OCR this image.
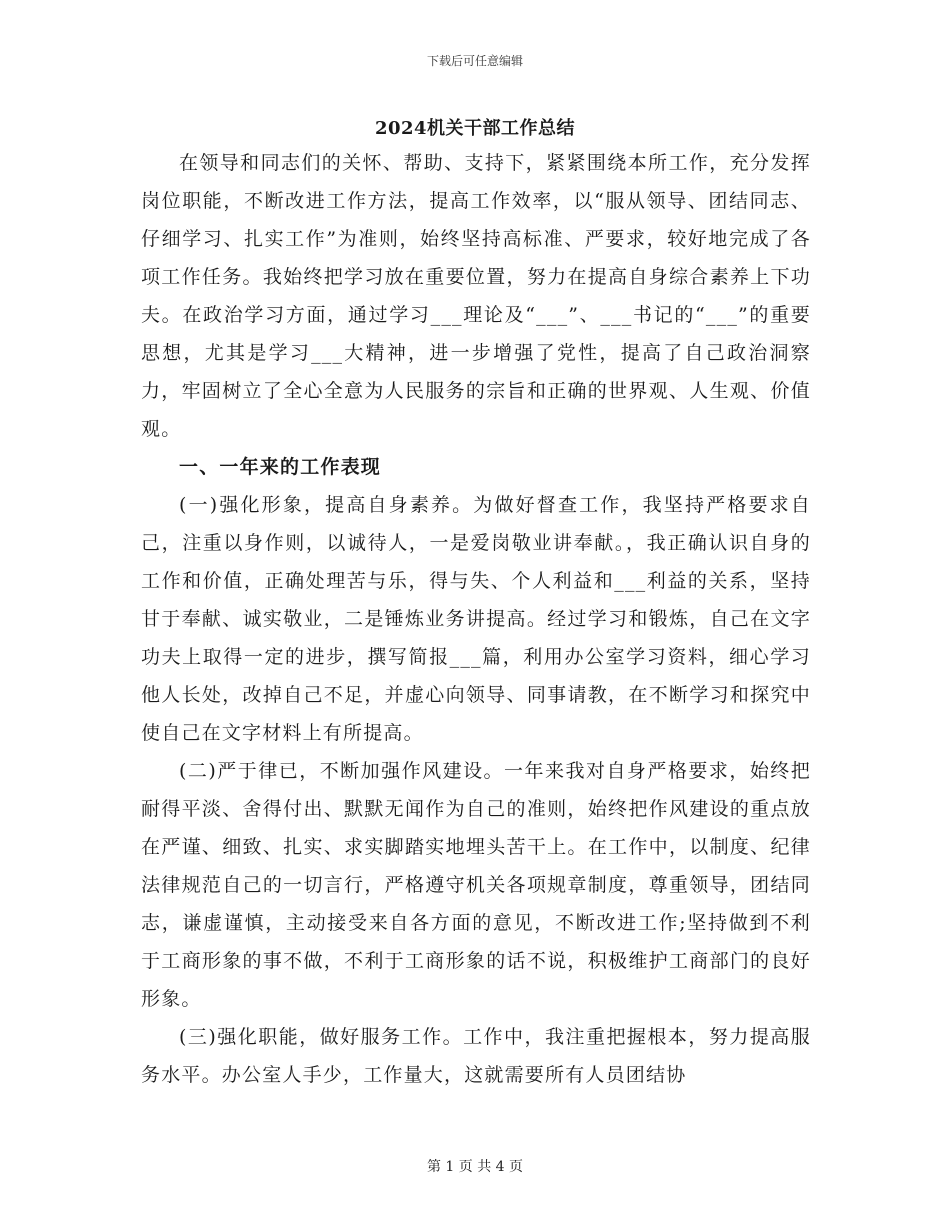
下载后可任意编辑
2024机关干部工作总结

在领导和同志们的关怀、帮助、支持下，紧紧围绕本所工作，充分发挥岗位职能，不断改进工作方法，提高工作效率，以“服从领导、团结同志、仔细学习、扎实工作”为准则，始终坚持高标准、严要求，较好地完成了各项工作任务。我始终把学习放在重要位置，努力在提高自身综合素养上下功夫。在政治学习方面，通过学习___理论及“___”、___书记的“___”的重要思想，尤其是学习___大精神，进一步增强了党性，提高了自己政治洞察力，牢固树立了全心全意为人民服务的宗旨和正确的世界观、人生观、价值观。

一、一年来的工作表现

(一)强化形象，提高自身素养。为做好督查工作，我坚持严格要求自己，注重以身作则，以诚待人，一是爱岗敬业讲奉献。，我正确认识自身的工作和价值，正确处理苦与乐，得与失、个人利益和___利益的关系，坚持甘于奉献、诚实敬业，二是锤炼业务讲提高。经过学习和锻炼，自己在文字功夫上取得一定的进步，撰写简报___篇，利用办公室学习资料，细心学习他人长处，改掉自己不足，并虚心向领导、同事请教，在不断学习和探究中使自己在文字材料上有所提高。

(二)严于律已，不断加强作风建设。一年来我对自身严格要求，始终把耐得平淡、舍得付出、默默无闻作为自己的准则，始终把作风建设的重点放在严谨、细致、扎实、求实脚踏实地埋头苦干上。在工作中，以制度、纪律法律规范自己的一切言行，严格遵守机关各项规章制度，尊重领导，团结同志，谦虚谨慎，主动接受来自各方面的意见，不断改进工作;坚持做到不利于工商形象的事不做，不利于工商形象的话不说，积极维护工商部门的良好形象。

(三)强化职能，做好服务工作。工作中，我注重把握根本，努力提高服务水平。办公室人手少，工作量大，这就需要所有人员团结协

第 1 页 共 4 页
